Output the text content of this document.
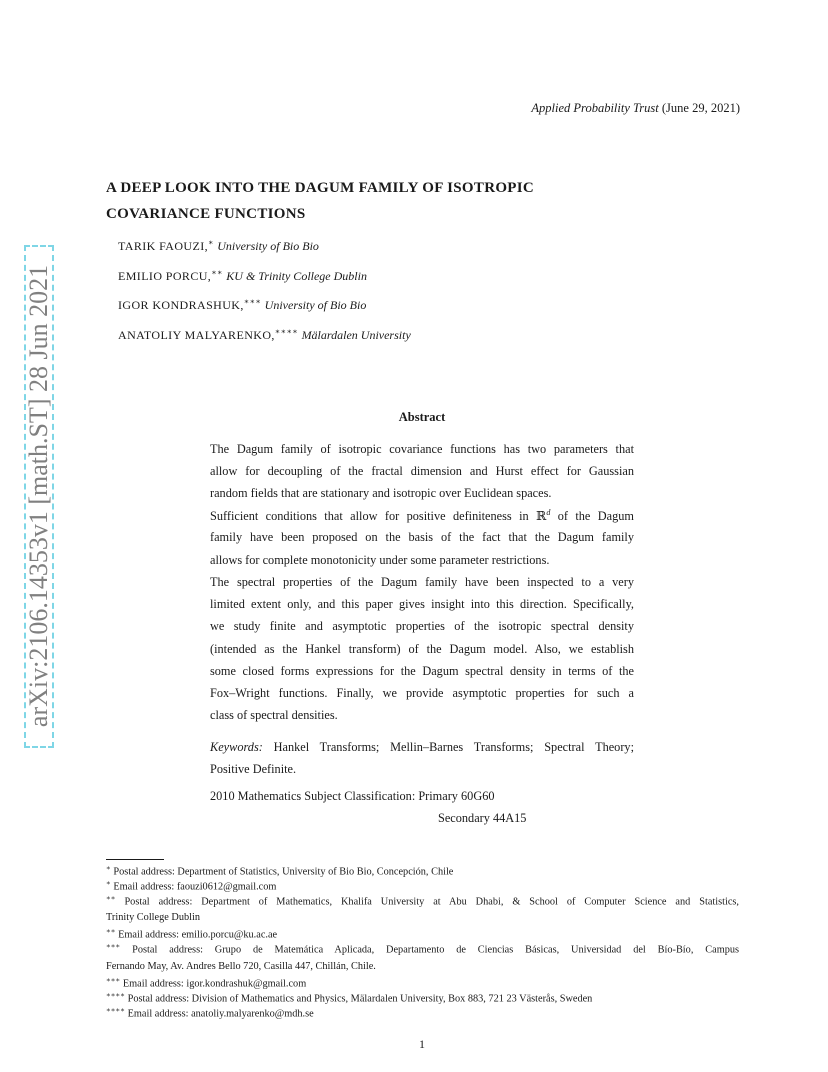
Applied Probability Trust (June 29, 2021)
arXiv:2106.14353v1 [math.ST] 28 Jun 2021
A DEEP LOOK INTO THE DAGUM FAMILY OF ISOTROPIC
COVARIANCE FUNCTIONS
TARIK FAOUZI,∗ University of Bio Bio
EMILIO PORCU,∗∗ KU & Trinity College Dublin
IGOR KONDRASHUK,∗∗∗ University of Bio Bio
ANATOLIY MALYARENKO,∗∗∗∗ Mälardalen University
Abstract
The Dagum family of isotropic covariance functions has two parameters that
allow for decoupling of the fractal dimension and Hurst effect for Gaussian
random fields that are stationary and isotropic over Euclidean spaces.
Sufficient conditions that allow for positive definiteness in ℝ$^d$ of the Dagum
family have been proposed on the basis of the fact that the Dagum family
allows for complete monotonicity under some parameter restrictions.
The spectral properties of the Dagum family have been inspected to a very
limited extent only, and this paper gives insight into this direction. Specifically,
we study finite and asymptotic properties of the isotropic spectral density
(intended as the Hankel transform) of the Dagum model. Also, we establish
some closed forms expressions for the Dagum spectral density in terms of the
Fox–Wright functions. Finally, we provide asymptotic properties for such a
class of spectral densities.
Keywords: Hankel Transforms; Mellin–Barnes Transforms; Spectral Theory;
Positive Definite.
2010 Mathematics Subject Classification: Primary 60G60
Secondary 44A15
∗ Postal address: Department of Statistics, University of Bio Bio, Concepción, Chile
∗ Email address: faouzi0612@gmail.com
∗∗ Postal address: Department of Mathematics, Khalifa University at Abu Dhabi, & School of Computer Science and Statistics,
Trinity College Dublin
∗∗ Email address: emilio.porcu@ku.ac.ae
∗∗∗ Postal address: Grupo de Matemática Aplicada, Departamento de Ciencias Básicas, Universidad del Bío-Bío, Campus
Fernando May, Av. Andres Bello 720, Casilla 447, Chillán, Chile.
∗∗∗ Email address: igor.kondrashuk@gmail.com
∗∗∗∗ Postal address: Division of Mathematics and Physics, Mälardalen University, Box 883, 721 23 Västerås, Sweden
∗∗∗∗ Email address: anatoliy.malyarenko@mdh.se
1
